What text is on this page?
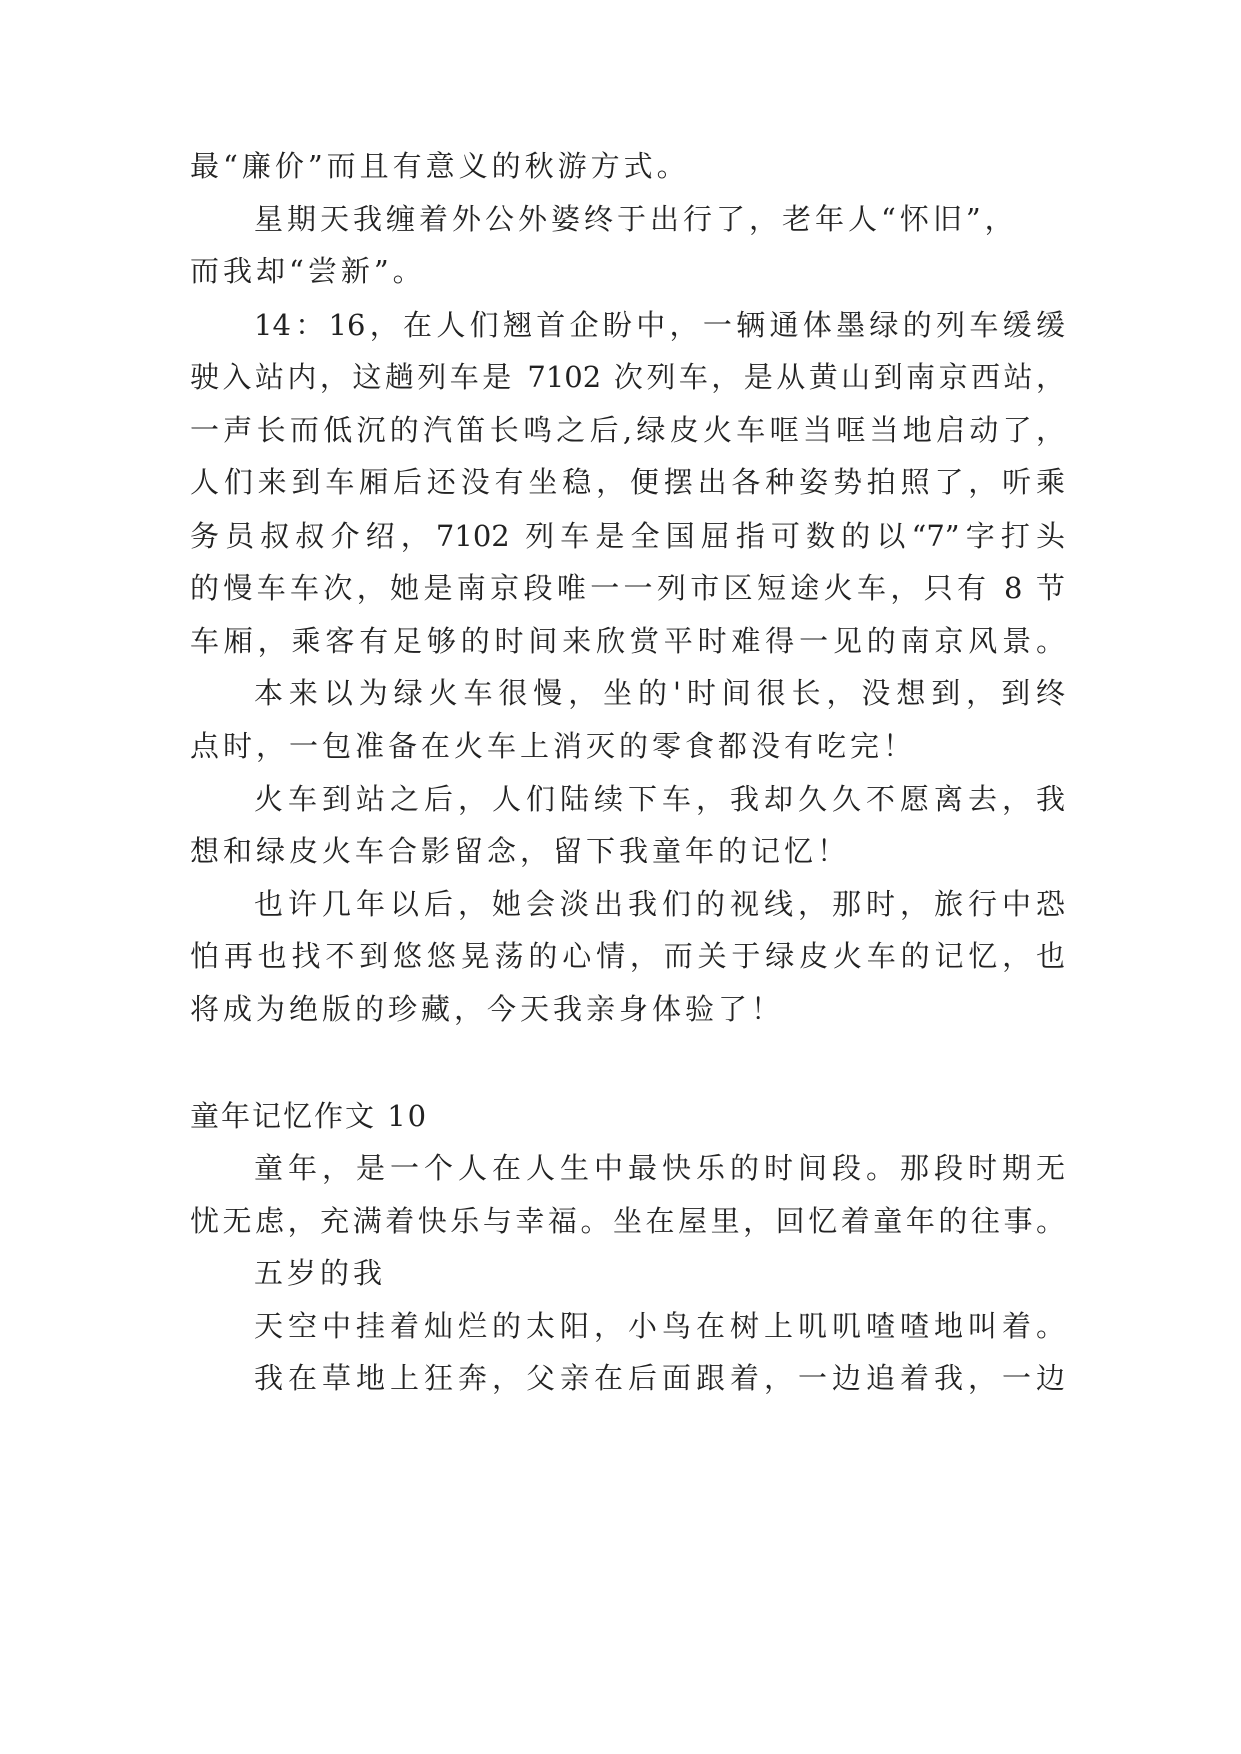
最“廉价”而且有意义的秋游方式。
星期天我缠着外公外婆终于出行了，老年人“怀旧”，
而我却“尝新”。
14：16，在人们翘首企盼中，一辆通体墨绿的列车缓缓
驶入站内，这趟列车是 7102 次列车，是从黄山到南京西站，
一声长而低沉的汽笛长鸣之后,绿皮火车哐当哐当地启动了，
人们来到车厢后还没有坐稳，便摆出各种姿势拍照了，听乘
务员叔叔介绍，7102 列车是全国屈指可数的以“7”字打头
的慢车车次，她是南京段唯一一列市区短途火车，只有 8 节
车厢，乘客有足够的时间来欣赏平时难得一见的南京风景。
本来以为绿火车很慢，坐的'时间很长，没想到，到终
点时，一包准备在火车上消灭的零食都没有吃完！
火车到站之后，人们陆续下车，我却久久不愿离去，我
想和绿皮火车合影留念，留下我童年的记忆！
也许几年以后，她会淡出我们的视线，那时，旅行中恐
怕再也找不到悠悠晃荡的心情，而关于绿皮火车的记忆，也
将成为绝版的珍藏，今天我亲身体验了！
童年记忆作文 10
童年，是一个人在人生中最快乐的时间段。那段时期无
忧无虑，充满着快乐与幸福。坐在屋里，回忆着童年的往事。
五岁的我
天空中挂着灿烂的太阳，小鸟在树上叽叽喳喳地叫着。
我在草地上狂奔，父亲在后面跟着，一边追着我，一边
